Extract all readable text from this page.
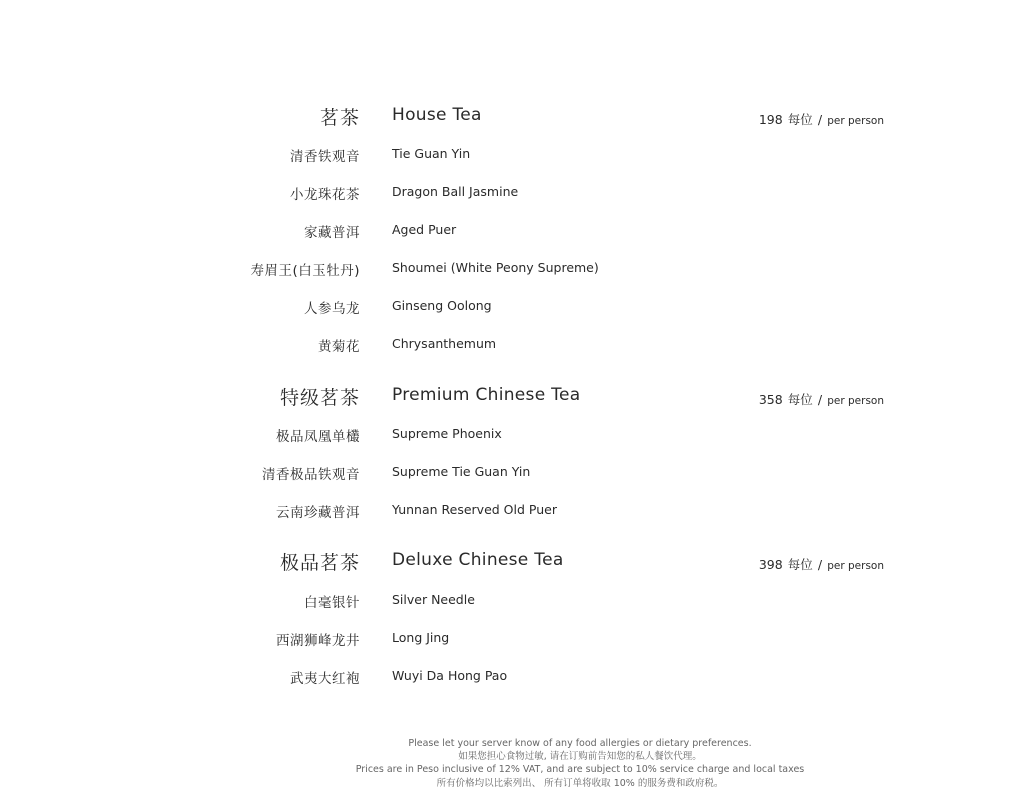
茗茶 House Tea	198 每位 / per person
清香铁观音	Tie Guan Yin
小龙珠花茶	Dragon Ball Jasmine
家藏普洱	Aged Puer
寿眉王(白玉牡丹)	Shoumei (White Peony Supreme)
人参乌龙	Ginseng Oolong
黄菊花	Chrysanthemum
特级茗茶 Premium Chinese Tea	358 每位 / per person
极品凤凰单欉	Supreme Phoenix
清香极品铁观音	Supreme Tie Guan Yin
云南珍藏普洱	Yunnan Reserved Old Puer
极品茗茶 Deluxe Chinese Tea	398 每位 / per person
白毫银针	Silver Needle
西湖狮峰龙井	Long Jing
武夷大红袍	Wuyi Da Hong Pao
Please let your server know of any food allergies or dietary preferences.
如果您担心食物过敏, 请在订购前告知您的私人餐饮代理。
Prices are in Peso inclusive of 12% VAT, and are subject to 10% service charge and local taxes
所有价格均以比索列出、 所有订单将收取 10% 的服务费和政府税。
